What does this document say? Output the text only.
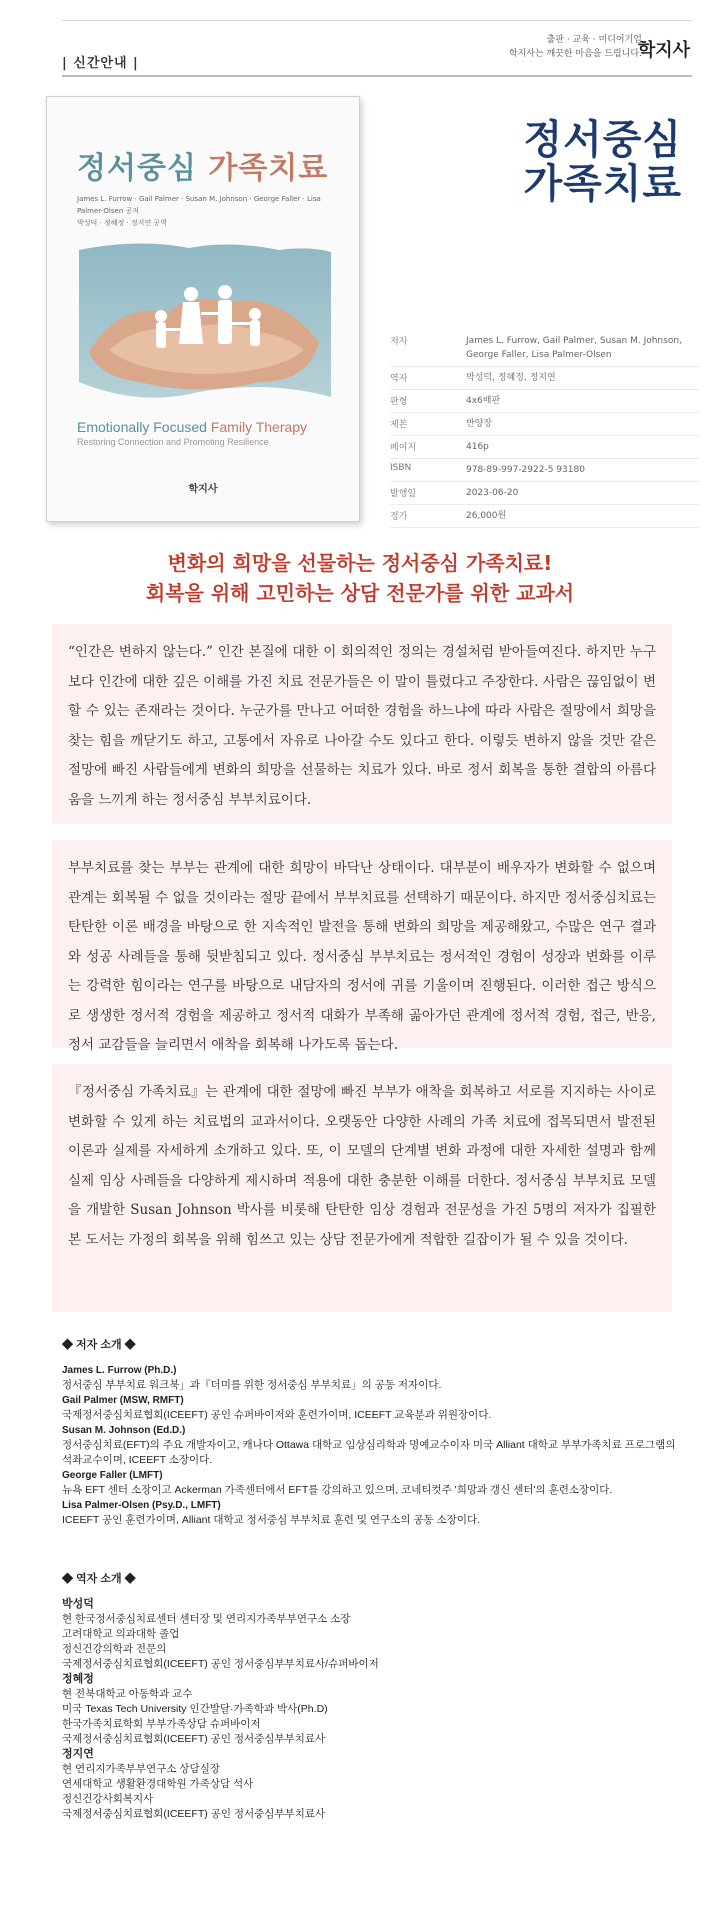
| 신간안내 |
출판 · 교육 · 미디어기업
학지사는 깨끗한 마음을 드립니다.
학지사
정서중심 가족치료
James L. Furrow · Gail Palmer · Susan M. Johnson · George Faller · Lisa Palmer-Olsen 공저
박성덕 · 정혜정 · 정지연 공역
Emotionally Focused Family Therapy
Restoring Connection and Promoting Resilience
학지사
정서중심
가족치료
저자	James L. Furrow, Gail Palmer, Susan M. Johnson, George Faller, Lisa Palmer-Olsen
역자	박성덕, 정혜정, 정지연
판형	4x6배판
제본	반양장
페이지	416p
ISBN	978-89-997-2922-5 93180
발행일	2023-06-20
정가	26,000원
변화의 희망을 선물하는 정서중심 가족치료!
회복을 위해 고민하는 상담 전문가를 위한 교과서
“인간은 변하지 않는다.” 인간 본질에 대한 이 회의적인 정의는 경설처럼 받아들여진다. 하지만 누구보다 인간에 대한 깊은 이해를 가진 치료 전문가들은 이 말이 틀렸다고 주장한다. 사람은 끊임없이 변할 수 있는 존재라는 것이다. 누군가를 만나고 어떠한 경험을 하느냐에 따라 사람은 절망에서 희망을 찾는 힘을 깨닫기도 하고, 고통에서 자유로 나아갈 수도 있다고 한다. 이렇듯 변하지 않을 것만 같은 절망에 빠진 사람들에게 변화의 희망을 선물하는 치료가 있다. 바로 정서 회복을 통한 결합의 아름다움을 느끼게 하는 정서중심 부부치료이다.
부부치료를 찾는 부부는 관계에 대한 희망이 바닥난 상태이다. 대부분이 배우자가 변화할 수 없으며 관계는 회복될 수 없을 것이라는 절망 끝에서 부부치료를 선택하기 때문이다. 하지만 정서중심치료는 탄탄한 이론 배경을 바탕으로 한 지속적인 발전을 통해 변화의 희망을 제공해왔고, 수많은 연구 결과와 성공 사례들을 통해 뒷받침되고 있다. 정서중심 부부치료는 정서적인 경험이 성장과 변화를 이루는 강력한 힘이라는 연구를 바탕으로 내담자의 정서에 귀를 기울이며 진행된다. 이러한 접근 방식으로 생생한 정서적 경험을 제공하고 정서적 대화가 부족해 곪아가던 관계에 정서적 경험, 접근, 반응, 정서 교감들을 늘리면서 애착을 회복해 나가도록 돕는다.
『정서중심 가족치료』는 관계에 대한 절망에 빠진 부부가 애착을 회복하고 서로를 지지하는 사이로 변화할 수 있게 하는 치료법의 교과서이다. 오랫동안 다양한 사례의 가족 치료에 접목되면서 발전된 이론과 실제를 자세하게 소개하고 있다. 또, 이 모델의 단계별 변화 과정에 대한 자세한 설명과 함께 실제 임상 사례들을 다양하게 제시하며 적용에 대한 충분한 이해를 더한다. 정서중심 부부치료 모델을 개발한 Susan Johnson 박사를 비롯해 탄탄한 임상 경험과 전문성을 가진 5명의 저자가 집필한 본 도서는 가정의 회복을 위해 힘쓰고 있는 상담 전문가에게 적합한 길잡이가 될 수 있을 것이다.
◆ 저자 소개 ◆
James L. Furrow (Ph.D.)
정서중심 부부치료 워크북」과『더미를 위한 정서중심 부부치료」의 공동 저자이다.
Gail Palmer (MSW, RMFT)
국제정서중심치료협회(ICEEFT) 공인 슈퍼바이저와 훈련가이며, ICEEFT 교육분과 위원장이다.
Susan M. Johnson (Ed.D.)
정서중심치료(EFT)의 주요 개발자이고, 캐나다 Ottawa 대학교 임상심리학과 명예교수이자 미국 Alliant 대학교 부부가족치료 프로그램의 석좌교수이며, ICEEFT 소장이다.
George Faller (LMFT)
뉴욕 EFT 센터 소장이고 Ackerman 가족센터에서 EFT를 강의하고 있으며, 코네티컷주 '희망과 갱신 센터'의 훈련소장이다.
Lisa Palmer-Olsen (Psy.D., LMFT)
ICEEFT 공인 훈련가이며, Alliant 대학교 정서중심 부부치료 훈련 및 연구소의 공동 소장이다.
◆ 역자 소개 ◆
박성덕
현 한국정서중심치료센터 센터장 및 연리지가족부부연구소 소장
고려대학교 의과대학 졸업
정신건강의학과 전문의
국제정서중심치료협회(ICEEFT) 공인 정서중심부부치료사/슈퍼바이저
정혜정
현 전북대학교 아동학과 교수
미국 Texas Tech University 인간발달·가족학과 박사(Ph.D)
한국가족치료학회 부부가족상담 슈퍼바이저
국제정서중심치료협회(ICEEFT) 공인 정서중심부부치료사
정지연
현 연리지가족부부연구소 상담실장
연세대학교 생활환경대학원 가족상담 석사
정신건강사회복지사
국제정서중심치료협회(ICEEFT) 공인 정서중심부부치료사
